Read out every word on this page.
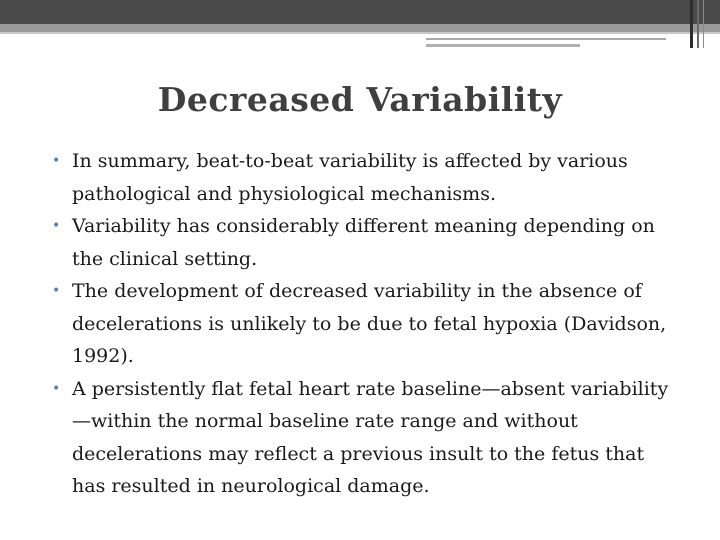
Decreased Variability
• In summary, beat-to-beat variability is affected by various pathological and physiological mechanisms.
• Variability has considerably different meaning depending on the clinical setting.
• The development of decreased variability in the absence of decelerations is unlikely to be due to fetal hypoxia (Davidson, 1992).
• A persistently flat fetal heart rate baseline—absent variability—within the normal baseline rate range and without decelerations may reflect a previous insult to the fetus that has resulted in neurological damage.
